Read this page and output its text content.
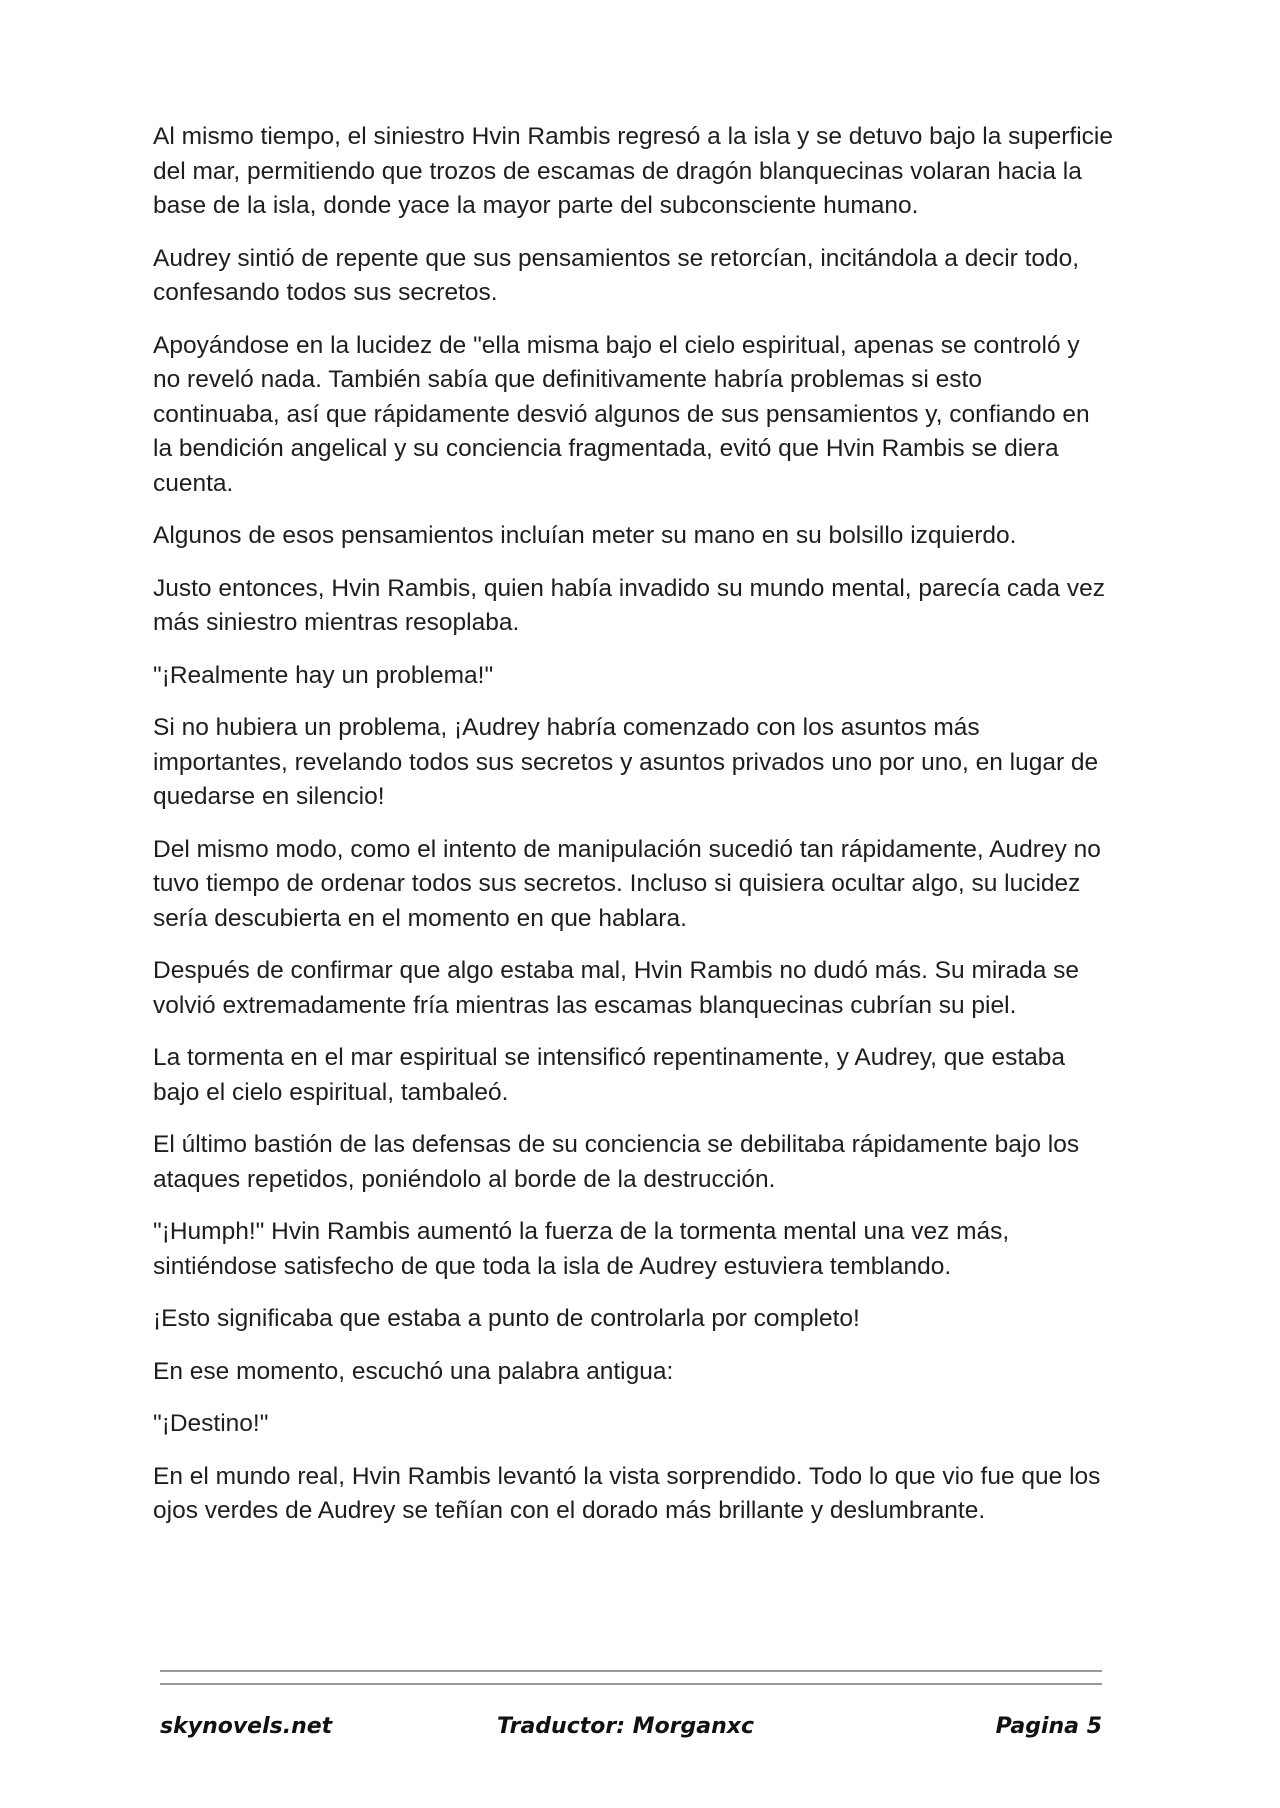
Al mismo tiempo, el siniestro Hvin Rambis regresó a la isla y se detuvo bajo la superficie del mar, permitiendo que trozos de escamas de dragón blanquecinas volaran hacia la base de la isla, donde yace la mayor parte del subconsciente humano.

Audrey sintió de repente que sus pensamientos se retorcían, incitándola a decir todo, confesando todos sus secretos.

Apoyándose en la lucidez de "ella misma bajo el cielo espiritual, apenas se controló y no reveló nada. También sabía que definitivamente habría problemas si esto continuaba, así que rápidamente desvió algunos de sus pensamientos y, confiando en la bendición angelical y su conciencia fragmentada, evitó que Hvin Rambis se diera cuenta.

Algunos de esos pensamientos incluían meter su mano en su bolsillo izquierdo.

Justo entonces, Hvin Rambis, quien había invadido su mundo mental, parecía cada vez más siniestro mientras resoplaba.

"¡Realmente hay un problema!"

Si no hubiera un problema, ¡Audrey habría comenzado con los asuntos más importantes, revelando todos sus secretos y asuntos privados uno por uno, en lugar de quedarse en silencio!

Del mismo modo, como el intento de manipulación sucedió tan rápidamente, Audrey no tuvo tiempo de ordenar todos sus secretos. Incluso si quisiera ocultar algo, su lucidez sería descubierta en el momento en que hablara.

Después de confirmar que algo estaba mal, Hvin Rambis no dudó más. Su mirada se volvió extremadamente fría mientras las escamas blanquecinas cubrían su piel.

La tormenta en el mar espiritual se intensificó repentinamente, y Audrey, que estaba bajo el cielo espiritual, tambaleó.

El último bastión de las defensas de su conciencia se debilitaba rápidamente bajo los ataques repetidos, poniéndolo al borde de la destrucción.

"¡Humph!" Hvin Rambis aumentó la fuerza de la tormenta mental una vez más, sintiéndose satisfecho de que toda la isla de Audrey estuviera temblando.

¡Esto significaba que estaba a punto de controlarla por completo!

En ese momento, escuchó una palabra antigua:

"¡Destino!"

En el mundo real, Hvin Rambis levantó la vista sorprendido. Todo lo que vio fue que los ojos verdes de Audrey se teñían con el dorado más brillante y deslumbrante.

skynovels.net	Traductor: Morganxc	Pagina 5
